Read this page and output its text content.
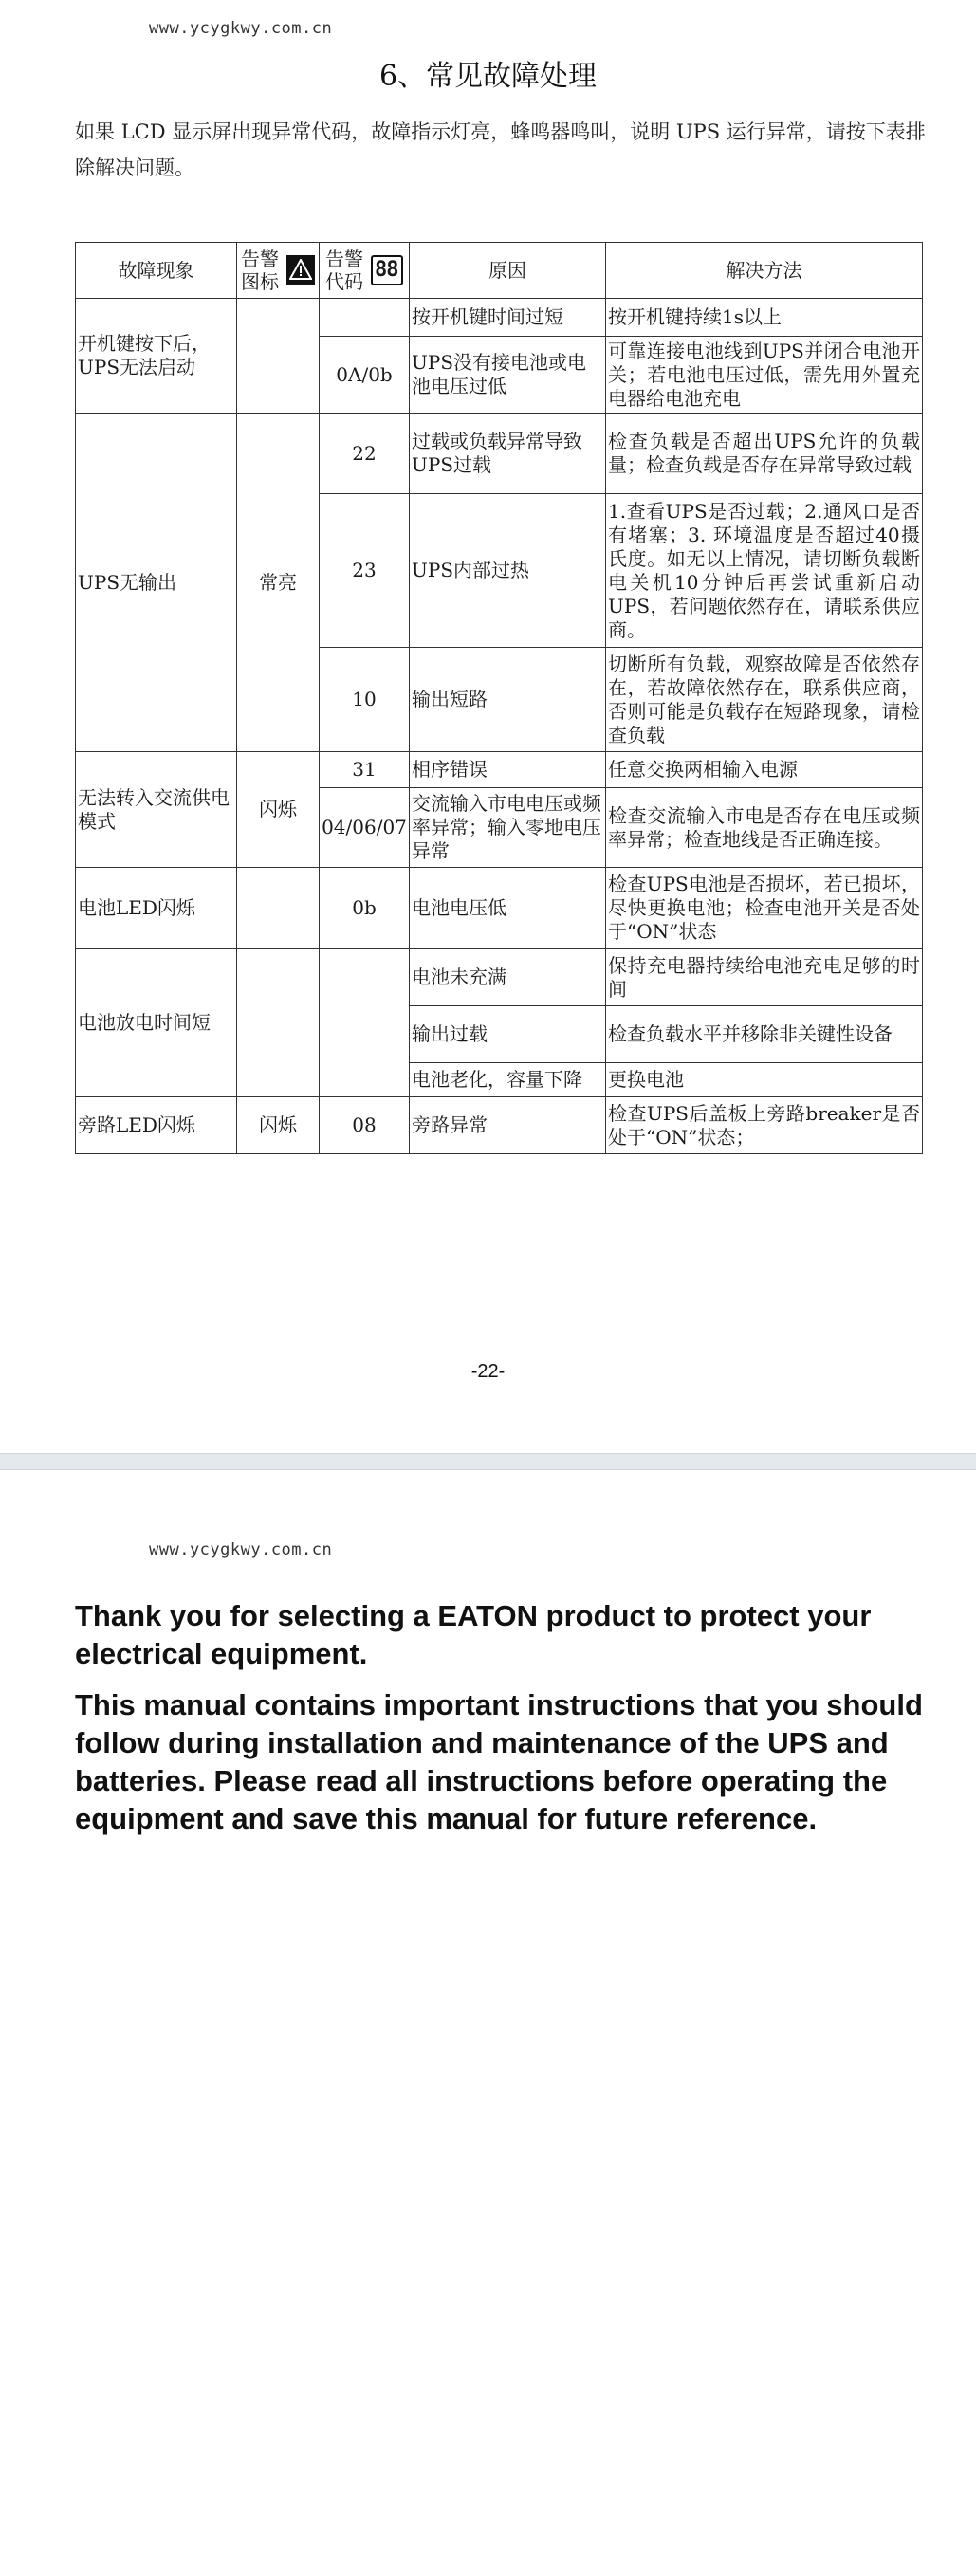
www.ycygkwy.com.cn
6、常见故障处理
如果 LCD 显示屏出现异常代码，故障指示灯亮，蜂鸣器鸣叫，说明 UPS 运行异常，请按下表排除解决问题。
故障现象	告警图标	告警代码 88	原因	解决方法
开机键按下后，UPS无法启动			按开机键时间过短	按开机键持续1s以上
		0A/0b	UPS没有接电池或电池电压过低	可靠连接电池线到UPS并闭合电池开关；若电池电压过低，需先用外置充电器给电池充电
UPS无输出	常亮	22	过载或负载异常导致UPS过载	检查负载是否超出UPS允许的负载量；检查负载是否存在异常导致过载
		23	UPS内部过热	1.查看UPS是否过载；2.通风口是否有堵塞；3. 环境温度是否超过40摄氏度。如无以上情况，请切断负载断电关机10分钟后再尝试重新启动UPS，若问题依然存在，请联系供应商。
		10	输出短路	切断所有负载，观察故障是否依然存在，若故障依然存在，联系供应商，否则可能是负载存在短路现象，请检查负载
无法转入交流供电模式	闪烁	31	相序错误	任意交换两相输入电源
		04/06/07	交流输入市电电压或频率异常；输入零地电压异常	检查交流输入市电是否存在电压或频率异常；检查地线是否正确连接。
电池LED闪烁		0b	电池电压低	检查UPS电池是否损坏，若已损坏，尽快更换电池；检查电池开关是否处于“ON”状态
电池放电时间短			电池未充满	保持充电器持续给电池充电足够的时间
			输出过载	检查负载水平并移除非关键性设备
			电池老化，容量下降	更换电池
旁路LED闪烁	闪烁	08	旁路异常	检查UPS后盖板上旁路breaker是否处于“ON”状态；
-22-
www.ycygkwy.com.cn
Thank you for selecting a EATON product to protect your electrical equipment.
This manual contains important instructions that you should follow during installation and maintenance of the UPS and batteries. Please read all instructions before operating the equipment and save this manual for future reference.
